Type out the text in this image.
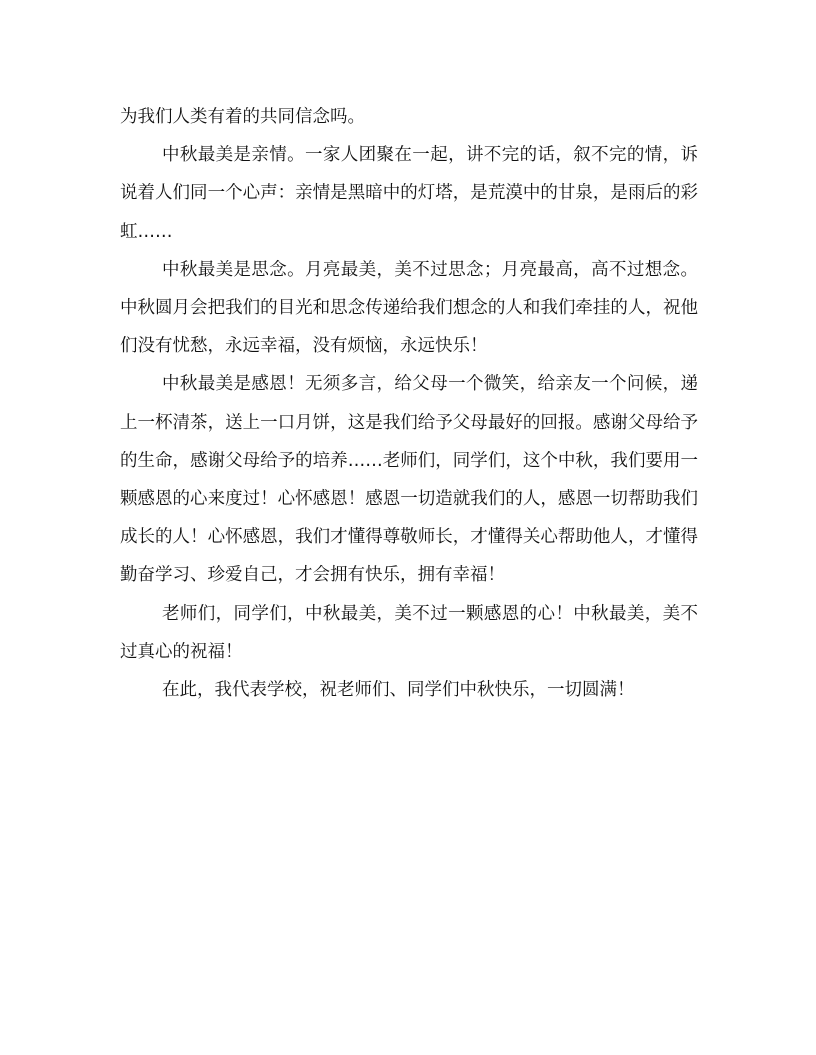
为我们人类有着的共同信念吗。

中秋最美是亲情。一家人团聚在一起，讲不完的话，叙不完的情，诉说着人们同一个心声：亲情是黑暗中的灯塔，是荒漠中的甘泉，是雨后的彩虹……

中秋最美是思念。月亮最美，美不过思念；月亮最高，高不过想念。中秋圆月会把我们的目光和思念传递给我们想念的人和我们牵挂的人，祝他们没有忧愁，永远幸福，没有烦恼，永远快乐！

中秋最美是感恩！无须多言，给父母一个微笑，给亲友一个问候，递上一杯清茶，送上一口月饼，这是我们给予父母最好的回报。感谢父母给予的生命，感谢父母给予的培养……老师们，同学们，这个中秋，我们要用一颗感恩的心来度过！心怀感恩！感恩一切造就我们的人，感恩一切帮助我们成长的人！心怀感恩，我们才懂得尊敬师长，才懂得关心帮助他人，才懂得勤奋学习、珍爱自己，才会拥有快乐，拥有幸福！

老师们，同学们，中秋最美，美不过一颗感恩的心！中秋最美，美不过真心的祝福！

在此，我代表学校，祝老师们、同学们中秋快乐，一切圆满！
